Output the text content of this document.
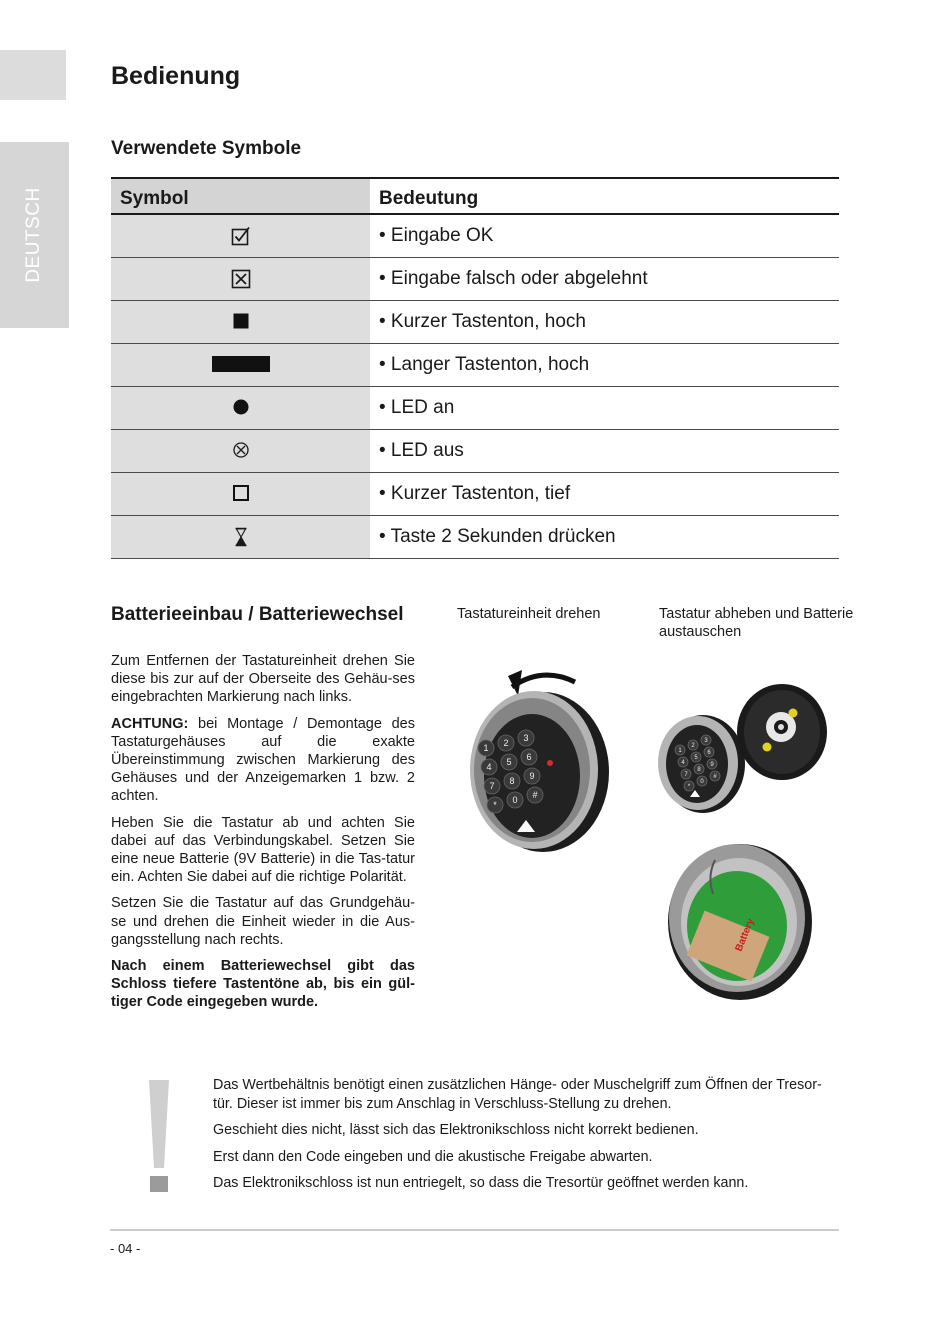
DEUTSCH
Bedienung
Verwendete Symbole
Symbol	Bedeutung
	• Eingabe OK
	• Eingabe falsch oder abgelehnt
	• Kurzer Tastenton, hoch
	• Langer Tastenton, hoch
	• LED an
	• LED aus
	• Kurzer Tastenton, tief
	• Taste 2 Sekunden drücken
Batterieeinbau / Batteriewechsel

Zum Entfernen der Tastatureinheit drehen Sie diese bis zur auf der Oberseite des Gehäu-ses eingebrachten Markierung nach links.

ACHTUNG: bei Montage / Demontage des Tastaturgehäuses auf die exakte Übereinstimmung zwischen Markierung des Gehäuses und der Anzeigemarken 1 bzw. 2 achten.

Heben Sie die Tastatur ab und achten Sie dabei auf das Verbindungskabel. Setzen Sie eine neue Batterie (9V Batterie) in die Tas-tatur ein. Achten Sie dabei auf die richtige Polarität.

Setzen Sie die Tastatur auf das Grundgehäu-se und drehen die Einheit wieder in die Aus-gangsstellung nach rechts.

Nach einem Batteriewechsel gibt das Schloss tiefere Tastentöne ab, bis ein gül-tiger Code eingegeben wurde.

Tastatureinheit drehen	Tastatur abheben und Batterie austauschen
1 2 3
4 5 6
7 8 9
* 0 #
1
2
3
4
5
6
7
8
9
*
0
#
Battery

Das Wertbehältnis benötigt einen zusätzlichen Hänge- oder Muschelgriff zum Öffnen der Tresor-tür. Dieser ist immer bis zum Anschlag in Verschluss-Stellung zu drehen.

Geschieht dies nicht, lässt sich das Elektronikschloss nicht korrekt bedienen.

Erst dann den Code eingeben und die akustische Freigabe abwarten.

Das Elektronikschloss ist nun entriegelt, so dass die Tresortür geöffnet werden kann.

- 04 -
